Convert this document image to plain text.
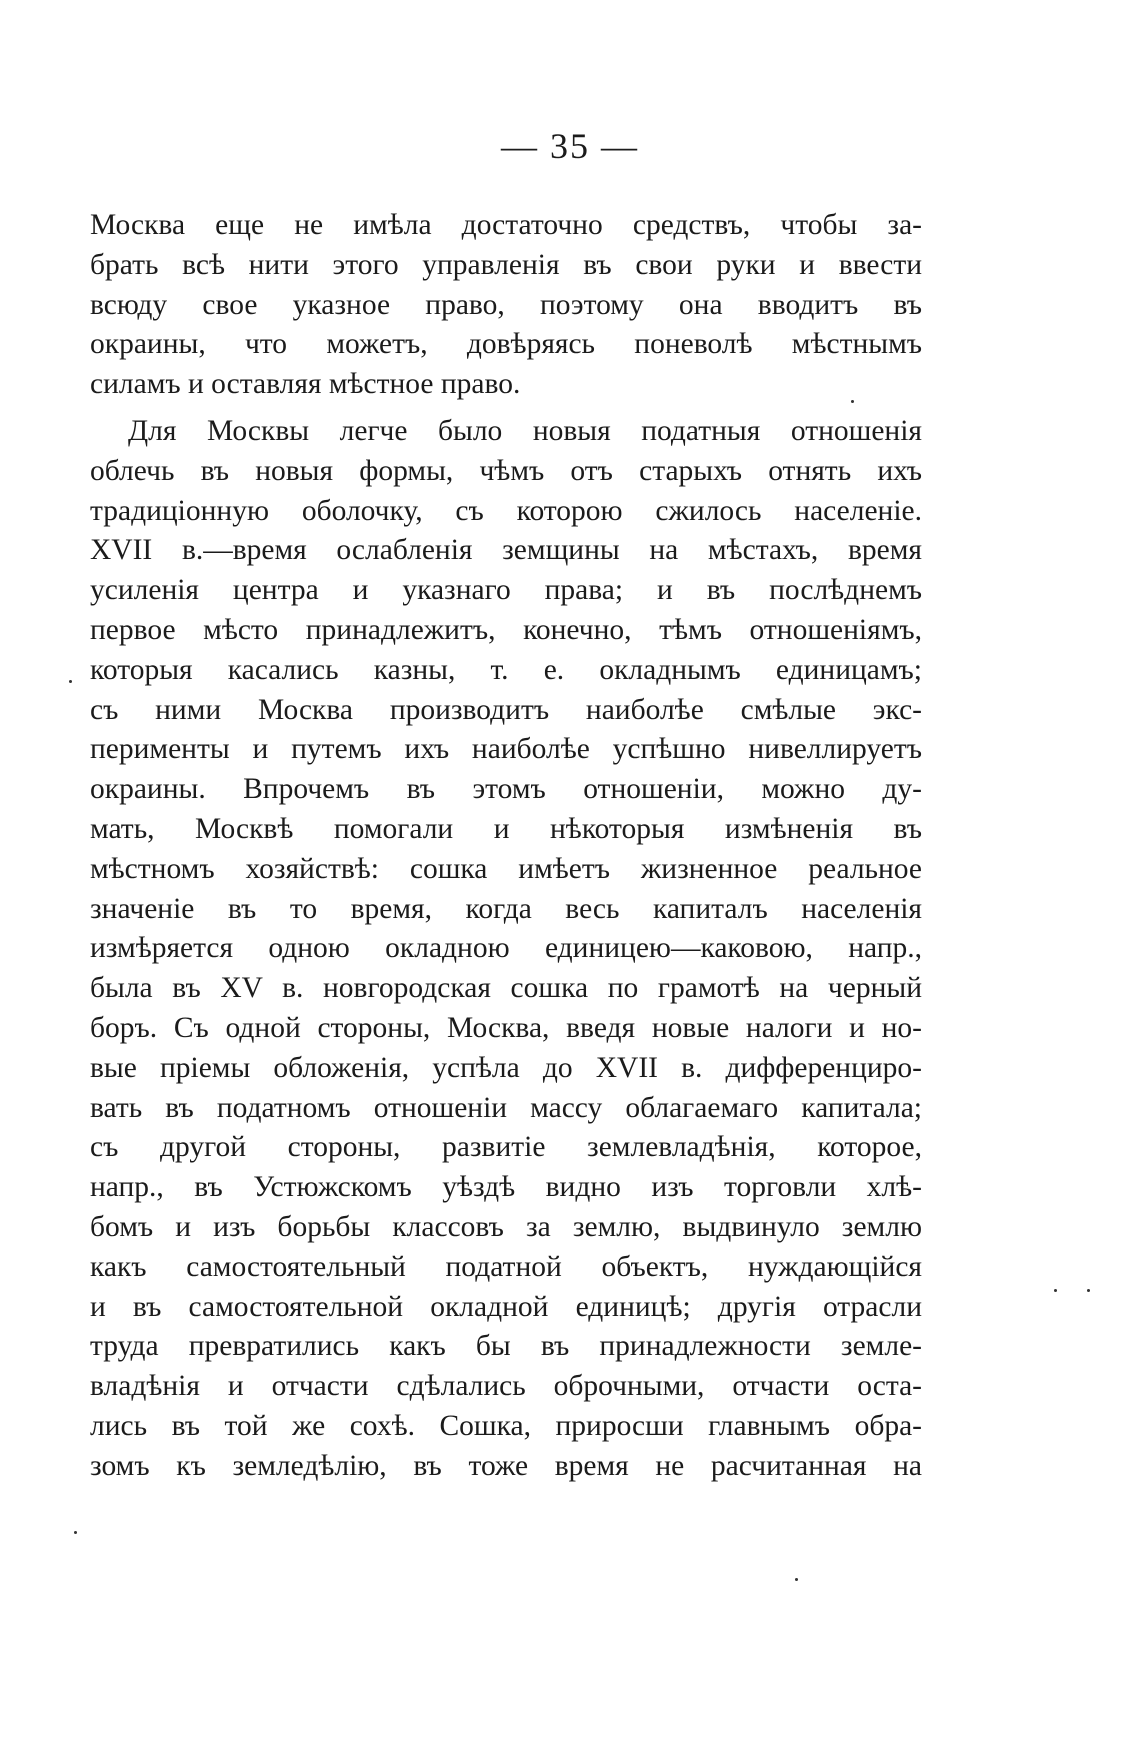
— 35 —
Москва еще не имѣла достаточно средствъ, чтобы за-
брать всѣ нити этого управленія въ свои руки и ввести
всюду свое указное право, поэтому она вводитъ въ
окраины, что можетъ, довѣряясь поневолѣ мѣстнымъ
силамъ и оставляя мѣстное право.
Для Москвы легче было новыя податныя отношенія
облечь въ новыя формы, чѣмъ отъ старыхъ отнять ихъ
традиціонную оболочку, съ которою сжилось населеніе.
XVII в.—время ослабленія земщины на мѣстахъ, время
усиленія центра и указнаго права; и въ послѣднемъ
первое мѣсто принадлежитъ, конечно, тѣмъ отношеніямъ,
которыя касались казны, т. е. окладнымъ единицамъ;
съ ними Москва производитъ наиболѣе смѣлые экс-
перименты и путемъ ихъ наиболѣе успѣшно нивеллируетъ
окраины. Впрочемъ въ этомъ отношеніи, можно ду-
мать, Москвѣ помогали и нѣкоторыя измѣненія въ
мѣстномъ хозяйствѣ: сошка имѣетъ жизненное реальное
значеніе въ то время, когда весь капиталъ населенія
измѣряется одною окладною единицею—каковою, напр.,
была въ XV в. новгородская сошка по грамотѣ на черный
боръ. Съ одной стороны, Москва, введя новые налоги и но-
вые пріемы обложенія, успѣла до XVII в. дифференциро-
вать въ податномъ отношеніи массу облагаемаго капитала;
съ другой стороны, развитіе землевладѣнія, которое,
напр., въ Устюжскомъ уѣздѣ видно изъ торговли хлѣ-
бомъ и изъ борьбы классовъ за землю, выдвинуло землю
какъ самостоятельный податной объектъ, нуждающійся
и въ самостоятельной окладной единицѣ; другія отрасли
труда превратились какъ бы въ принадлежности земле-
владѣнія и отчасти сдѣлались оброчными, отчасти оста-
лись въ той же сохѣ. Сошка, приросши главнымъ обра-
зомъ къ земледѣлію, въ тоже время не расчитанная на
